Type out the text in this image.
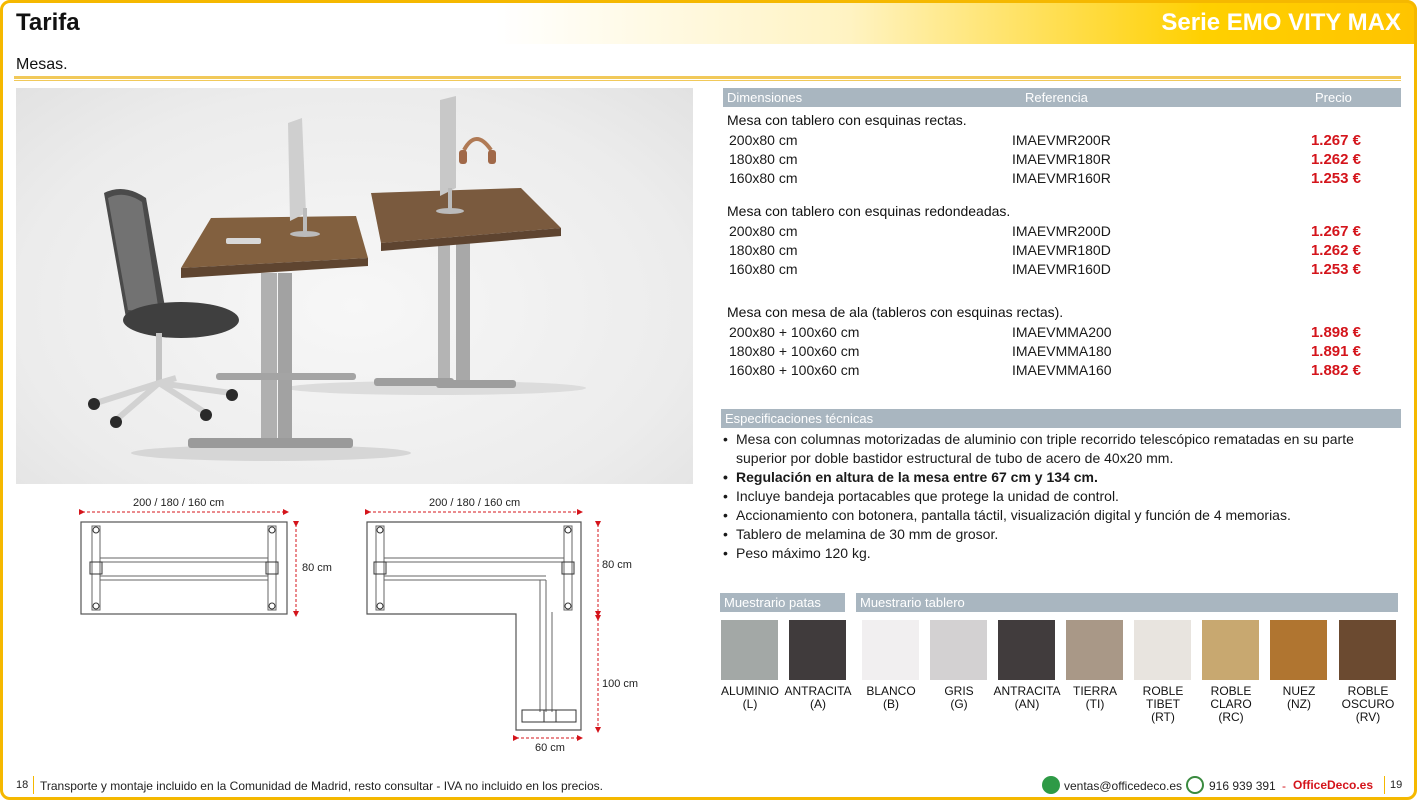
Tarifa	Serie EMO VITY MAX
Mesas.
200 / 180 / 160 cm
80 cm
200 / 180 / 160 cm
80 cm
100 cm
60 cm
Dimensiones	Referencia	Precio
Mesa con tablero con esquinas rectas.
200x80 cm	IMAEVMR200R	1.267 €
180x80 cm	IMAEVMR180R	1.262 €
160x80 cm	IMAEVMR160R	1.253 €
Mesa con tablero con esquinas redondeadas.
200x80 cm	IMAEVMR200D	1.267 €
180x80 cm	IMAEVMR180D	1.262 €
160x80 cm	IMAEVMR160D	1.253 €
Mesa con mesa de ala (tableros con esquinas rectas).
200x80 + 100x60 cm	IMAEVMMA200	1.898 €
180x80 + 100x60 cm	IMAEVMMA180	1.891 €
160x80 + 100x60 cm	IMAEVMMA160	1.882 €
Especificaciones técnicas
• Mesa con columnas motorizadas de aluminio con triple recorrido telescópico rematadas en su parte superior por doble bastidor estructural de tubo de acero de 40x20 mm.
• Regulación en altura de la mesa entre 67 cm y 134 cm.
• Incluye bandeja portacables que protege la unidad de control.
• Accionamiento con botonera, pantalla táctil, visualización digital y función de 4 memorias.
• Tablero de melamina de 30 mm de grosor.
• Peso máximo 120 kg.
Muestrario patas	Muestrario tablero
ALUMINIO
(L)
ANTRACITA
(A)
BLANCO
(B)
GRIS
(G)
ANTRACITA
(AN)
TIERRA
(TI)
ROBLE TIBET
(RT)
ROBLE CLARO
(RC)
NUEZ
(NZ)
ROBLE OSCURO
(RV)
18 Transporte y montaje incluido en la Comunidad de Madrid, resto consultar - IVA no incluido en los precios.	ventas@officedeco.es 916 939 391 - OfficeDeco.es 19
